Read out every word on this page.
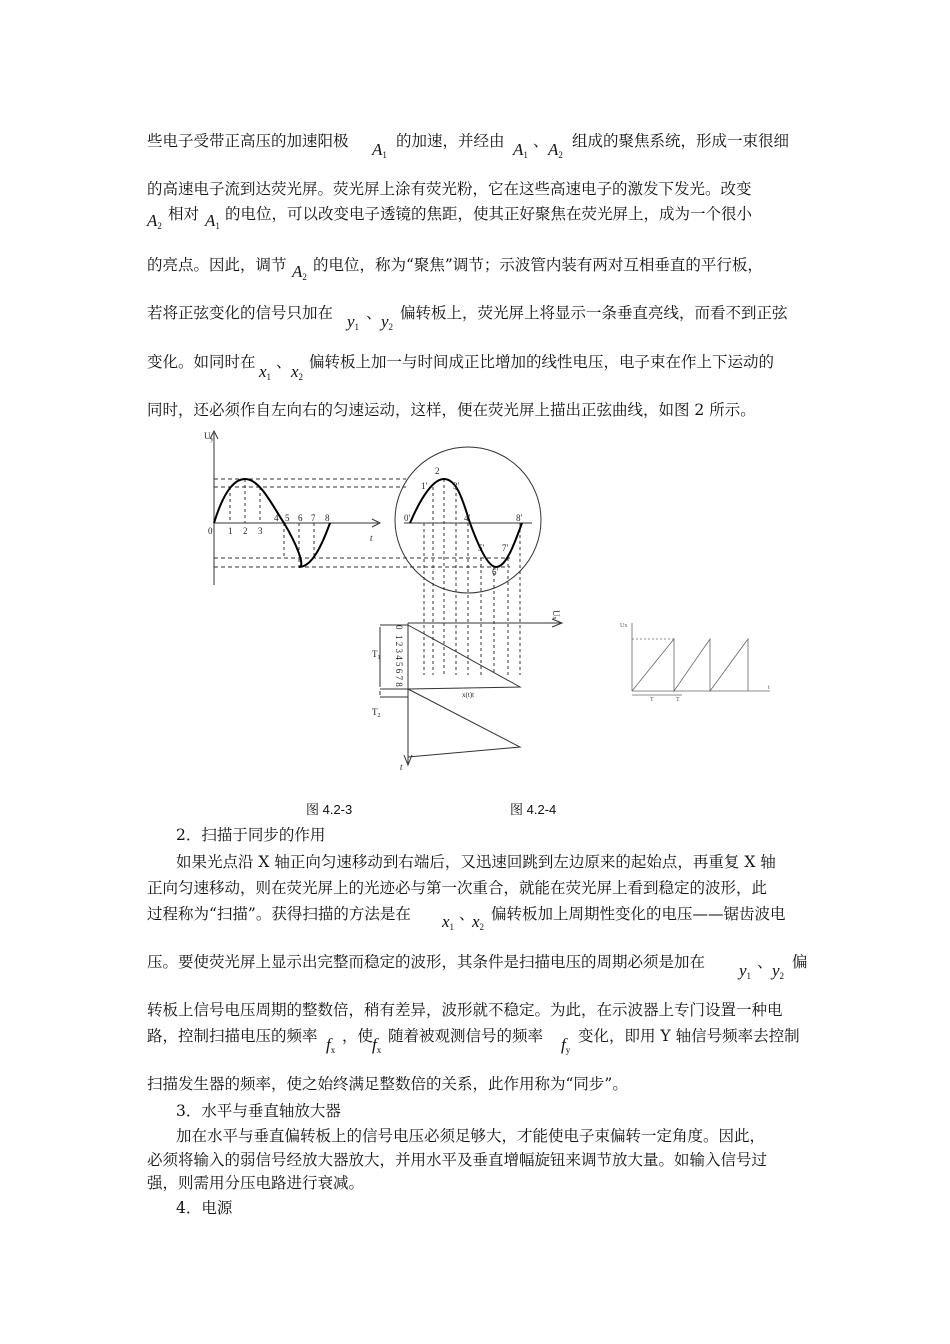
些电子受带正高压的加速阳极 $A_1$
的加速，并经由 $A_1$
、 $A_2$
组成的聚焦系统，形成一束很细
的高速电子流到达荧光屏。荧光屏上涂有荧光粉，它在这些高速电子的激发下发光。改变
$A_2$
相对 $A_1$
的电位，可以改变电子透镜的焦距，使其正好聚焦在荧光屏上，成为一个很小
的亮点。因此，调节 $A_2$
的电位，称为“聚焦”调节；示波管内装有两对互相垂直的平行板，
若将正弦变化的信号只加在 $y_1$
、 $y_2$
偏转板上，荧光屏上将显示一条垂直亮线，而看不到正弦
变化。如同时在 $x_1$
、 $x_2$
偏转板上加一与时间成正比增加的线性电压，电子束在作上下运动的
同时，还必须作自左向右的匀速运动，这样，便在荧光屏上描出正弦曲线，如图 2 所示。
$U_y$
0 1 2 3
4 5 6 7 8
t
0'
1'
2
3'
4'
5'
6'
7'
8'
Ux
0
1 2 3 4 5 6 7 8
$T_1$
$T_2$
x(t)t
t
Ux
t
T	T
图 4.2-3	图 4.2-4
2．扫描于同步的作用
如果光点沿 X 轴正向匀速移动到右端后，又迅速回跳到左边原来的起始点，再重复 X 轴
正向匀速移动，则在荧光屏上的光迹必与第一次重合，就能在荧光屏上看到稳定的波形，此
过程称为“扫描”。获得扫描的方法是在 $x_1$
、
$x_2$
偏转板加上周期性变化的电压——锯齿波电
压。要使荧光屏上显示出完整而稳定的波形，其条件是扫描电压的周期必须是加在 $y_1$
、 $y_2$
偏
转板上信号电压周期的整数倍，稍有差异，波形就不稳定。为此，在示波器上专门设置一种电
路，控制扫描电压的频率 $f_x$
，使
$f_x$
随着被观测信号的频率 $f_y$
变化，即用 Y 轴信号频率去控制
扫描发生器的频率，使之始终满足整数倍的关系，此作用称为“同步”。
3．水平与垂直轴放大器
加在水平与垂直偏转板上的信号电压必须足够大，才能使电子束偏转一定角度。因此，
必须将输入的弱信号经放大器放大，并用水平及垂直增幅旋钮来调节放大量。如输入信号过
强，则需用分压电路进行衰减。
4．电源
